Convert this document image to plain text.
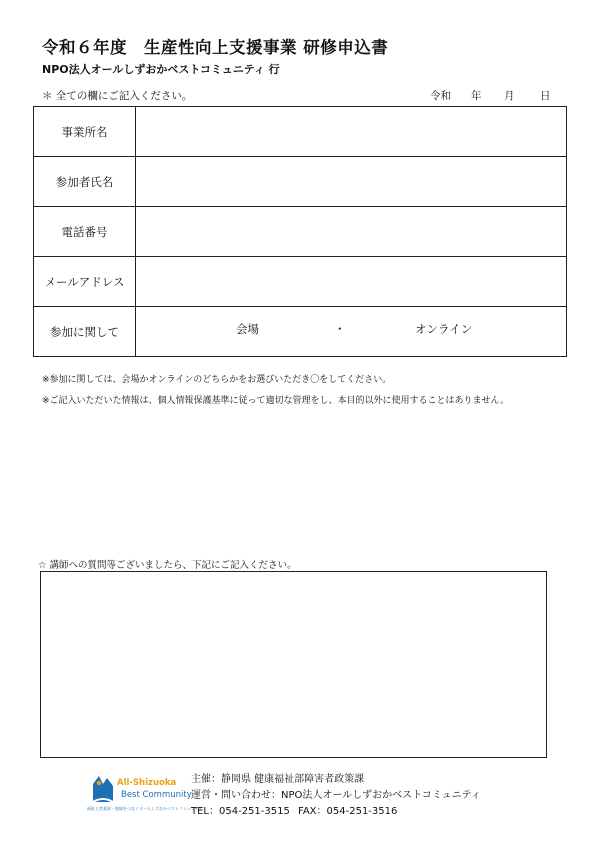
令和６年度　生産性向上支援事業 研修申込書
NPO法人オールしずおかベストコミュニティ 行
＊ 全ての欄にご記入ください。	令和 年 月 日
事業所名	
参加者氏名	
電話番号	
メールアドレス	
参加に関して	会場 ・ オンライン
※参加に関しては、会場かオンラインのどちらかをお選びいただき〇をしてください。
※ご記入いただいた情報は、個人情報保護基準に従って適切な管理をし、本目的以外に使用することはありません。
☆ 講師への質問等ございましたら、下記にご記入ください。
All-Shizuoka
Best Community
福祉と産業界・地域をつなぐオールしずおかベストコミュニティ
主催：静岡県 健康福祉部障害者政策課
運営・問い合わせ：NPO法人オールしずおかベストコミュニティ
TEL：054-251-3515 FAX：054-251-3516
